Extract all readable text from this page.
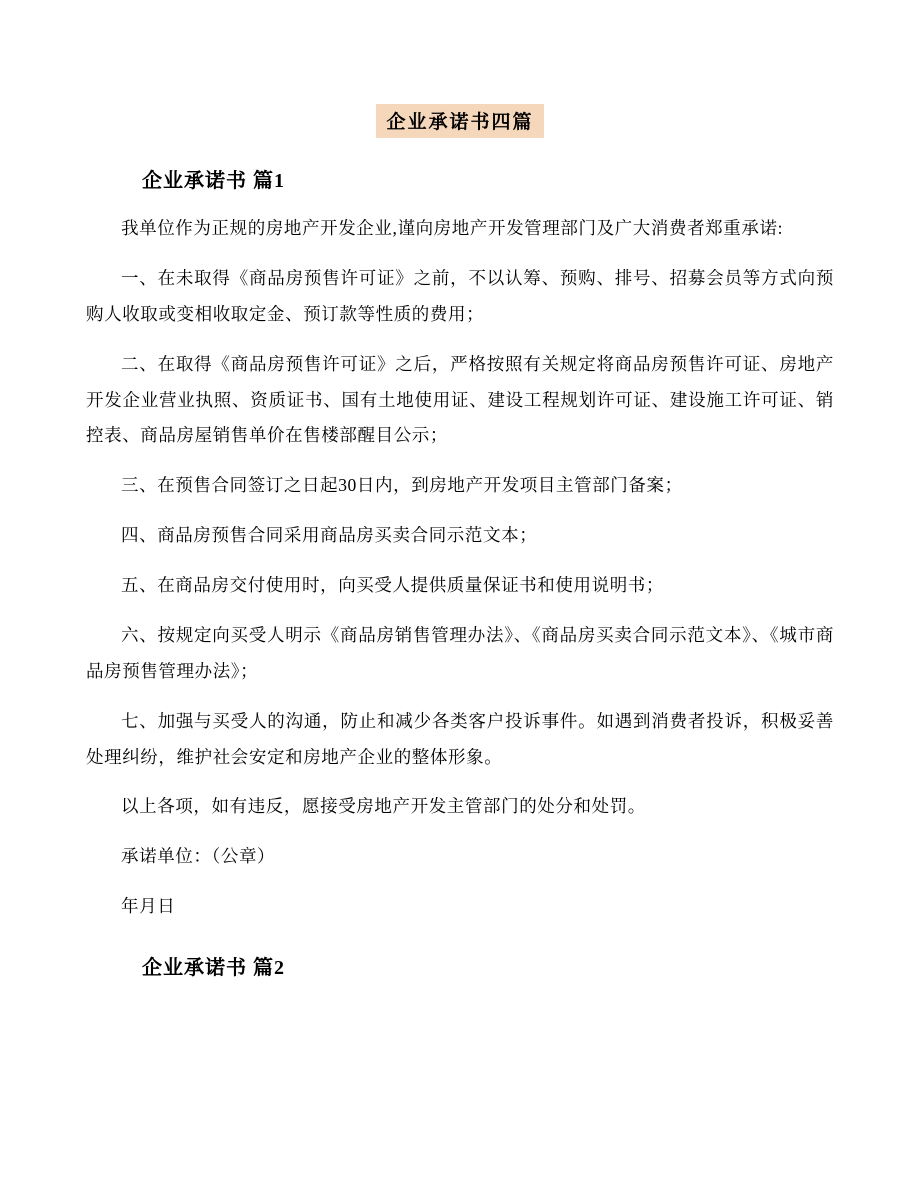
企业承诺书四篇
企业承诺书 篇1

我单位作为正规的房地产开发企业,谨向房地产开发管理部门及广大消费者郑重承诺:

一、在未取得《商品房预售许可证》之前，不以认筹、预购、排号、招募会员等方式向预购人收取或变相收取定金、预订款等性质的费用；

二、在取得《商品房预售许可证》之后，严格按照有关规定将商品房预售许可证、房地产开发企业营业执照、资质证书、国有土地使用证、建设工程规划许可证、建设施工许可证、销控表、商品房屋销售单价在售楼部醒目公示；

三、在预售合同签订之日起30日内，到房地产开发项目主管部门备案；

四、商品房预售合同采用商品房买卖合同示范文本；

五、在商品房交付使用时，向买受人提供质量保证书和使用说明书；

六、按规定向买受人明示《商品房销售管理办法》、《商品房买卖合同示范文本》、《城市商品房预售管理办法》；

七、加强与买受人的沟通，防止和减少各类客户投诉事件。如遇到消费者投诉，积极妥善处理纠纷，维护社会安定和房地产企业的整体形象。

以上各项，如有违反，愿接受房地产开发主管部门的处分和处罚。

承诺单位：（公章）

年月日

企业承诺书 篇2
